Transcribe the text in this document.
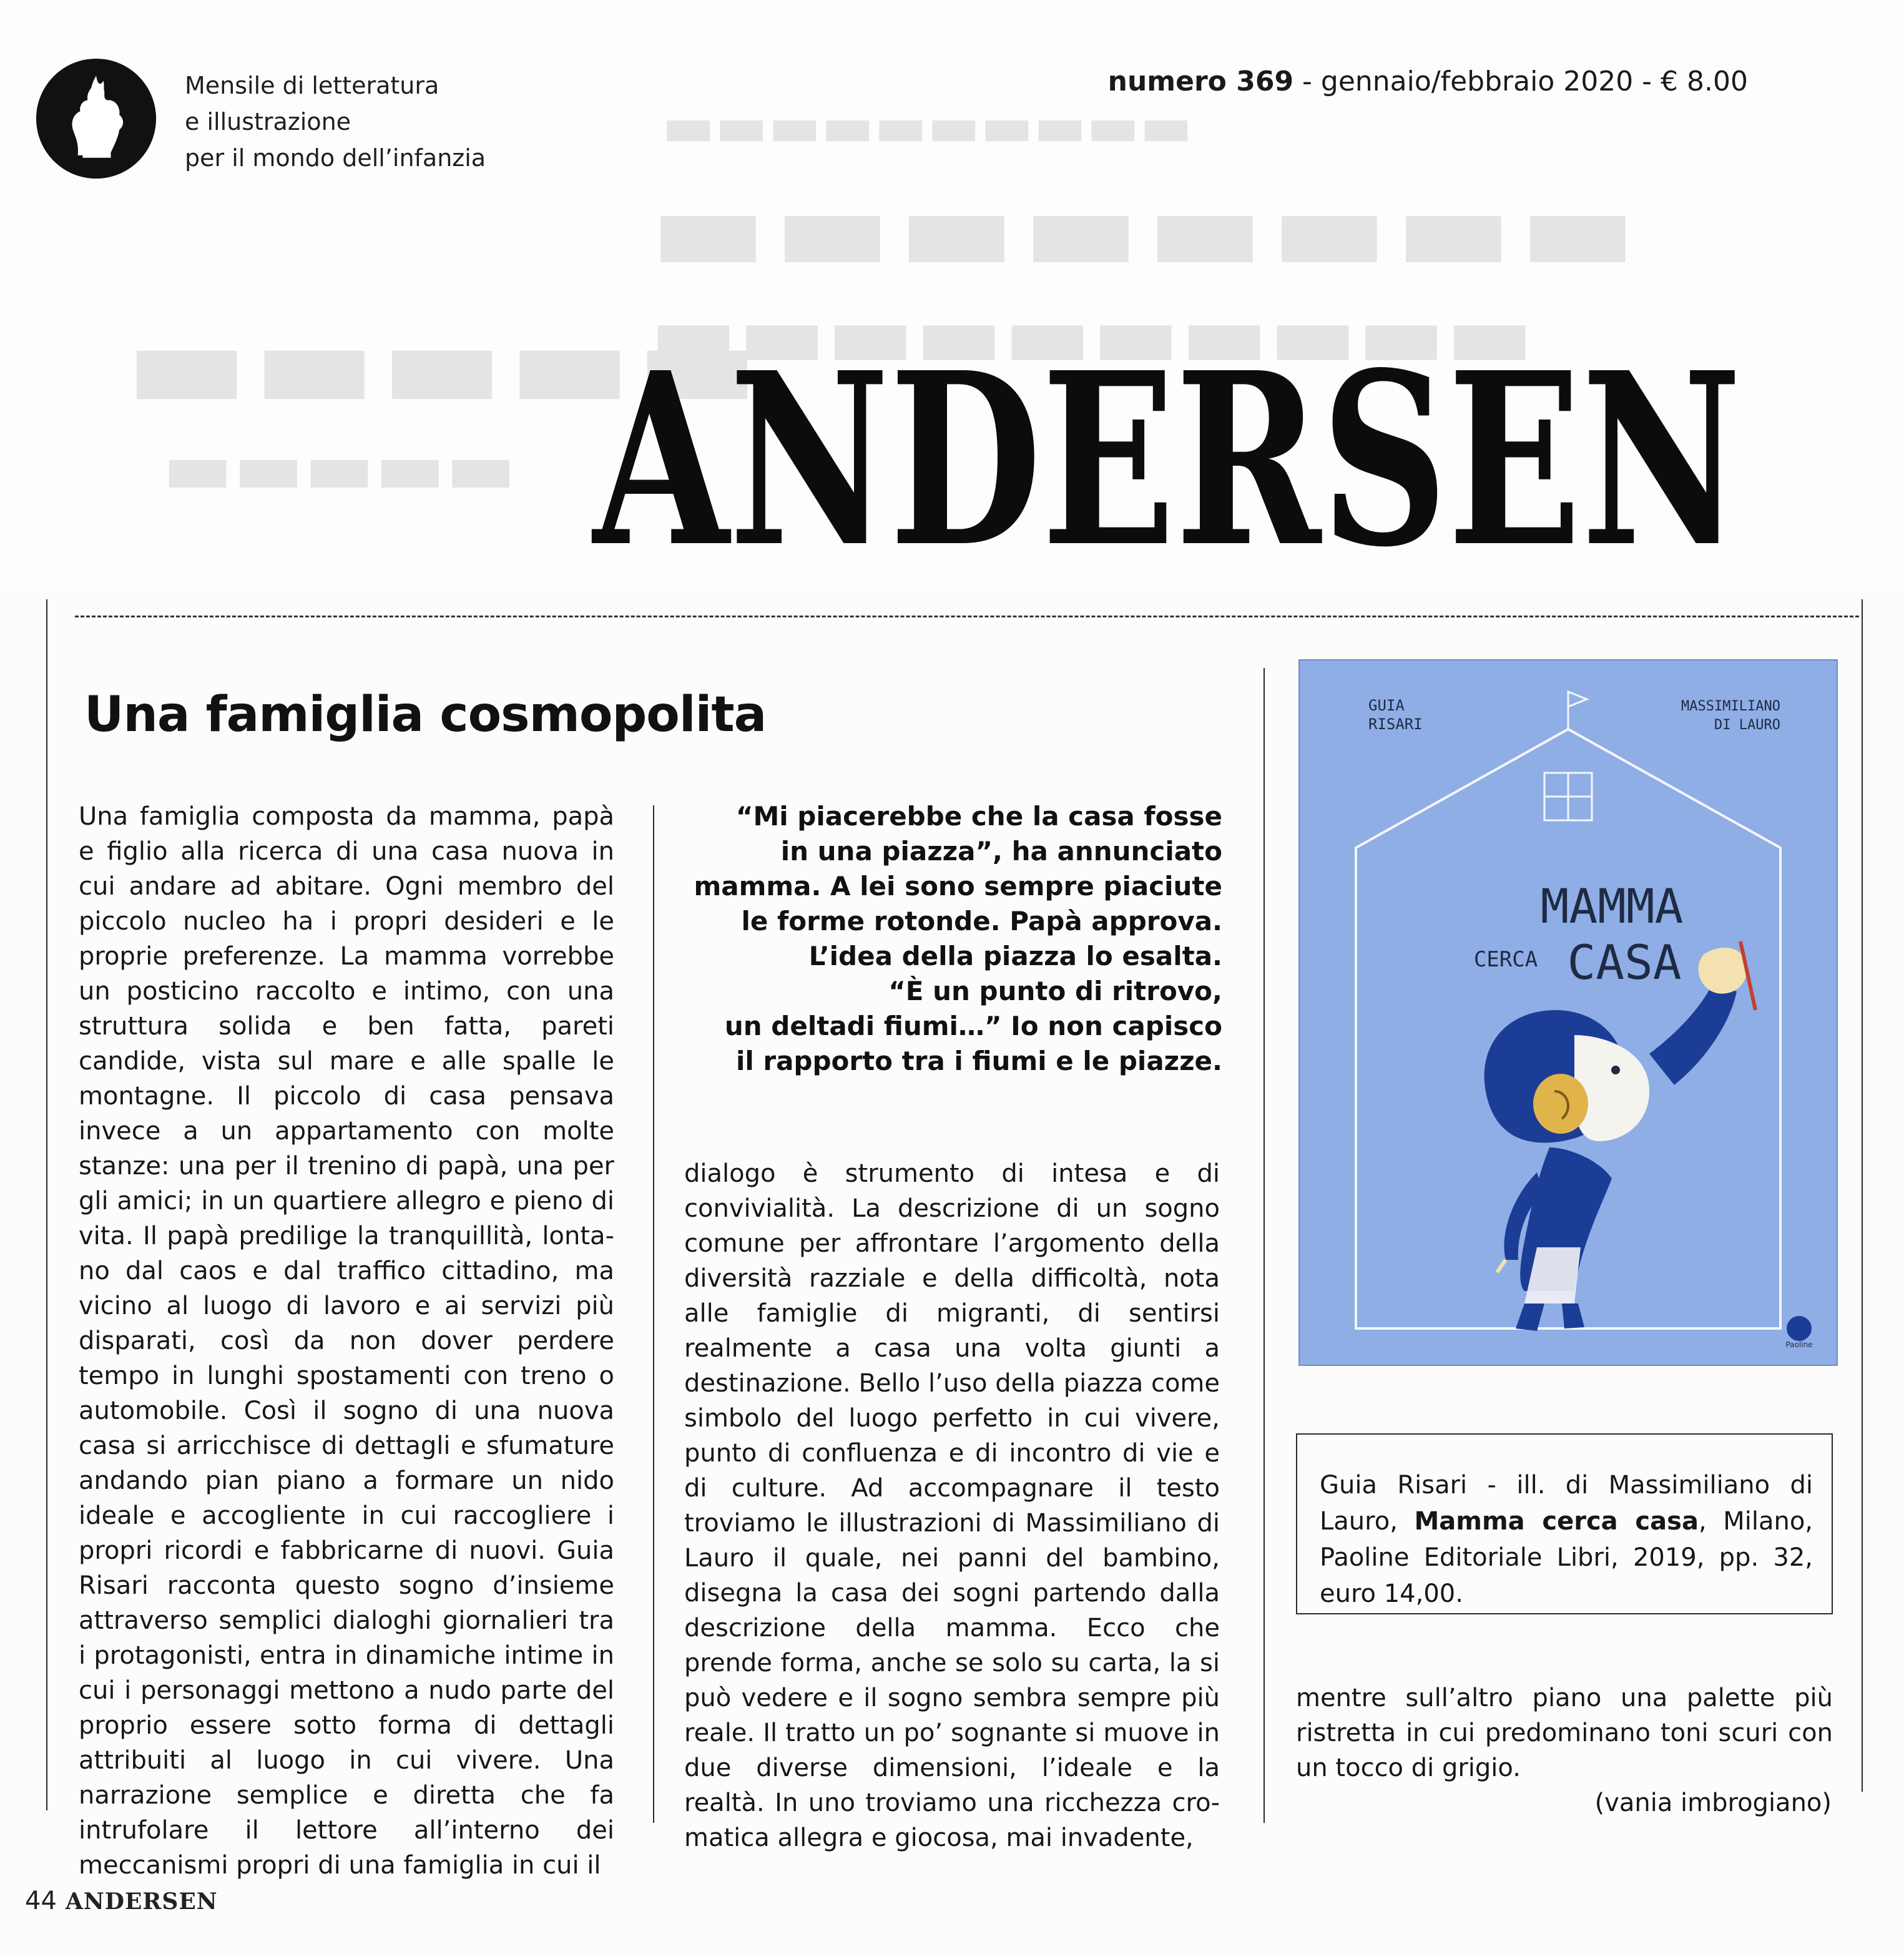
▬▬▬▬▬▬▬▬▬▬
▬▬▬▬▬▬▬▬
▬▬▬▬▬▬▬▬▬▬
▬▬▬▬▬
▬▬▬▬▬
Mensile di letteratura
e illustrazione
per il mondo dell’infanzia
numero 369 - gennaio/febbraio 2020 - € 8.00
ANDERSEN
Una famiglia cosmopolita
Una famiglia composta da mamma, papà e figlio alla ricerca di una casa nuova in cui andare ad abitare. Ogni membro del piccolo nucleo ha i propri desideri e le proprie preferenze. La mamma vorrebbe un posticino raccolto e intimo, con una struttura solida e ben fatta, pareti candide, vista sul mare e alle spalle le montagne. Il piccolo di casa pensava invece a un appartamento con molte stanze: una per il trenino di papà, una per gli amici; in un quartiere allegro e pieno di vita. Il papà predilige la tranquillità, lontano dal caos e dal traffico cittadino, ma vicino al luogo di lavoro e ai servizi più disparati, così da non dover perdere tempo in lunghi spostamenti con treno o automobile. Così il sogno di una nuova casa si arricchisce di dettagli e sfumature andando pian piano a formare un nido ideale e accogliente in cui raccogliere i propri ricordi e fabbricarne di nuovi. Guia Risari racconta questo sogno d’insieme attraverso semplici dialoghi giornalieri tra i protagonisti, entra in dinamiche intime in cui i personaggi mettono a nudo parte del proprio essere sotto forma di dettagli attribuiti al luogo in cui vivere. Una narrazione semplice e diretta che fa intrufolare il lettore all’interno dei meccanismi propri di una famiglia in cui il
“Mi piacerebbe che la casa fosse
in una piazza”, ha annunciato
mamma. A lei sono sempre piaciute
le forme rotonde. Papà approva.
L’idea della piazza lo esalta.
“È un punto di ritrovo,
un deltadi fiumi…” Io non capisco
il rapporto tra i fiumi e le piazze.
dialogo è strumento di intesa e di convivialità. La descrizione di un sogno comune per affrontare l’argomento della diversità razziale e della difficoltà, nota alle famiglie di migranti, di sentirsi realmente a casa una volta giunti a destinazione. Bello l’uso della piazza come simbolo del luogo perfetto in cui vivere, punto di confluenza e di incontro di vie e di culture. Ad accompagnare il testo troviamo le illustrazioni di Massimiliano di Lauro il quale, nei panni del bambino, disegna la casa dei sogni partendo dalla descrizione della mamma. Ecco che prende forma, anche se solo su carta, la si può vedere e il sogno sembra sempre più reale. Il tratto un po’ sognante si muove in due diverse dimensioni, l’ideale e la realtà. In uno troviamo una ricchezza cromatica allegra e giocosa, mai invadente,
GUIA
RISARI
MASSIMILIANO
DI LAURO
MAMMA
CERCA CASA
Paoline
Guia Risari - ill. di Massimiliano di Lauro, Mamma cerca casa, Milano, Paoline Editoriale Libri, 2019, pp. 32, euro 14,00.
mentre sull’altro piano una palette più ristretta in cui predominano toni scuri con un tocco di grigio.
(vania imbrogiano)
44 ANDERSEN
